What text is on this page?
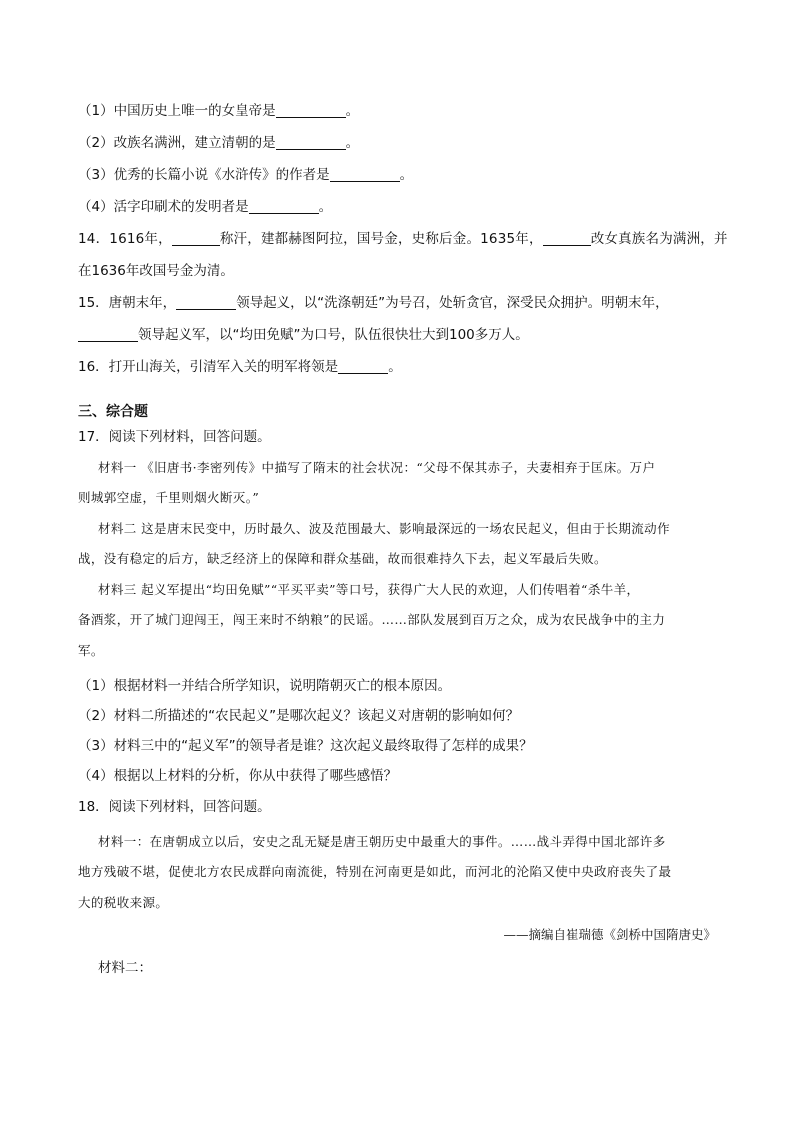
（1）中国历史上唯一的女皇帝是	。
（2）改族名满洲，建立清朝的是	。
（3）优秀的长篇小说《水浒传》的作者是	。
（4）活字印刷术的发明者是	。
14．1616年，	称汗，建都赫图阿拉，国号金，史称后金。1635年，	改女真族名为满洲，并
在1636年改国号金为清。
15．唐朝末年，	领导起义，以“洗涤朝廷”为号召，处斩贪官，深受民众拥护。明朝末年，
领导起义军，以“均田免赋”为口号，队伍很快壮大到100多万人。
16．打开山海关，引清军入关的明军将领是	。
三、综合题
17．阅读下列材料，回答问题。
材料一 《旧唐书·李密列传》中描写了隋末的社会状况：“父母不保其赤子，夫妻相弃于匡床。万户
则城郭空虚，千里则烟火断灭。”
材料二 这是唐末民变中，历时最久、波及范围最大、影响最深远的一场农民起义，但由于长期流动作
战，没有稳定的后方，缺乏经济上的保障和群众基础，故而很难持久下去，起义军最后失败。
材料三 起义军提出“均田免赋”“平买平卖”等口号，获得广大人民的欢迎，人们传唱着“杀牛羊，
备酒浆，开了城门迎闯王，闯王来时不纳粮”的民谣。……部队发展到百万之众，成为农民战争中的主力
军。
（1）根据材料一并结合所学知识，说明隋朝灭亡的根本原因。
（2）材料二所描述的“农民起义”是哪次起义？该起义对唐朝的影响如何？
（3）材料三中的“起义军”的领导者是谁？这次起义最终取得了怎样的成果？
（4）根据以上材料的分析，你从中获得了哪些感悟？
18．阅读下列材料，回答问题。
材料一：在唐朝成立以后，安史之乱无疑是唐王朝历史中最重大的事件。……战斗弄得中国北部许多
地方残破不堪，促使北方农民成群向南流徙，特别在河南更是如此，而河北的沦陷又使中央政府丧失了最
大的税收来源。
——摘编自崔瑞德《剑桥中国隋唐史》
材料二：
